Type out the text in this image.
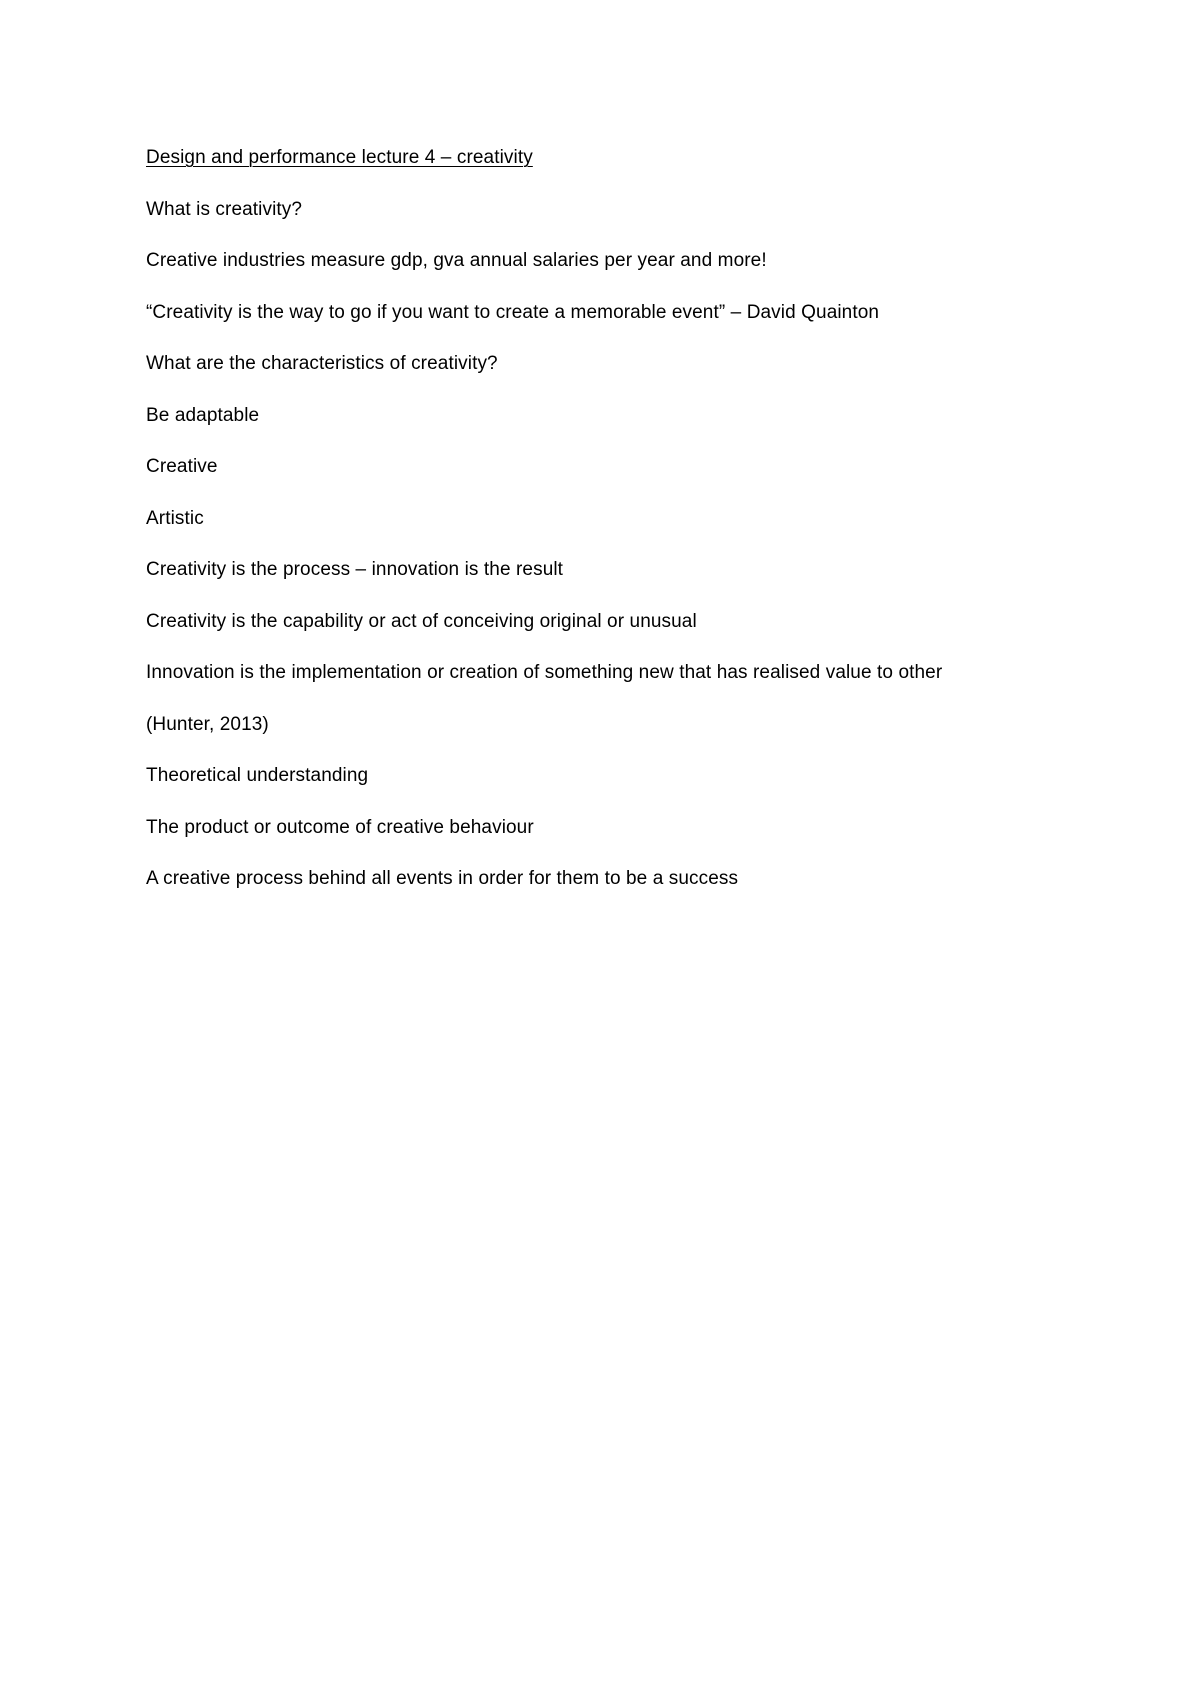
Design and performance lecture 4 – creativity
What is creativity?
Creative industries measure gdp, gva annual salaries per year and more!
“Creativity is the way to go if you want to create a memorable event” – David Quainton
What are the characteristics of creativity?
Be adaptable
Creative
Artistic
Creativity is the process – innovation is the result
Creativity is the capability or act of conceiving original or unusual
Innovation is the implementation or creation of something new that has realised value to other
(Hunter, 2013)
Theoretical understanding
The product or outcome of creative behaviour
A creative process behind all events in order for them to be a success
